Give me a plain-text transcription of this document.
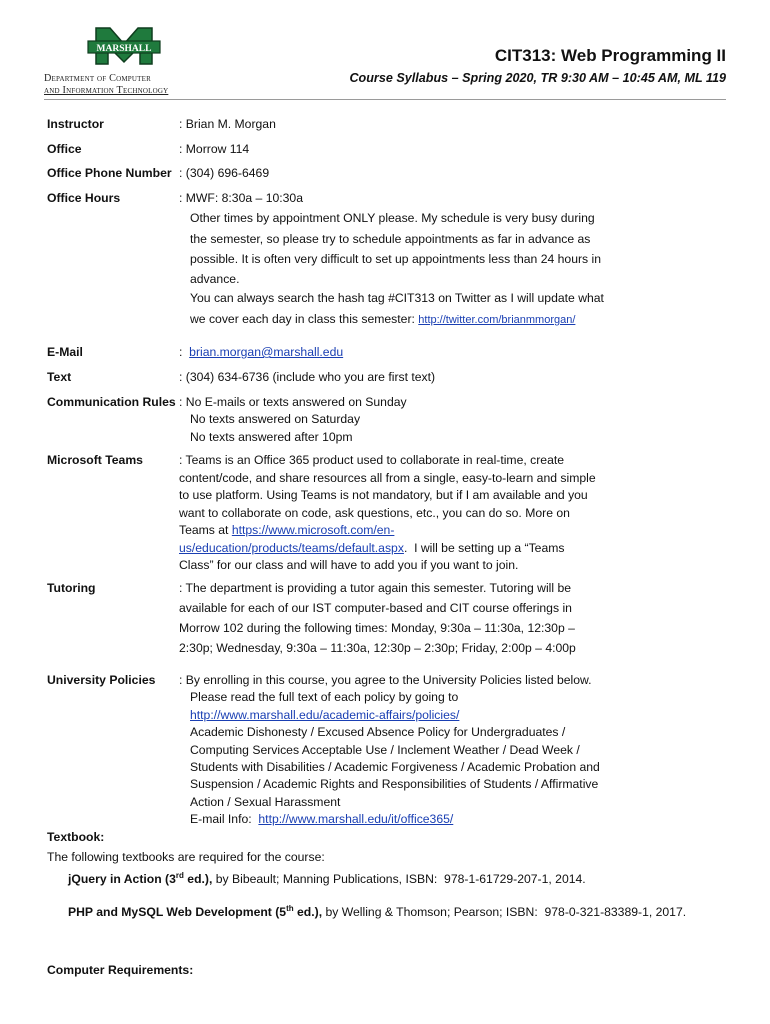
MARSHALL
Department of Computer
and Information Technology
CIT313: Web Programming II
Course Syllabus – Spring 2020, TR 9:30 AM – 10:45 AM, ML 119
Instructor	: Brian M. Morgan
Office	: Morrow 114
Office Phone Number : (304) 696-6469
Office Hours	: MWF: 8:30a – 10:30a
Other times by appointment ONLY please. My schedule is very busy during
the semester, so please try to schedule appointments as far in advance as
possible. It is often very difficult to set up appointments less than 24 hours in
advance.
You can always search the hash tag #CIT313 on Twitter as I will update what
we cover each day in class this semester: http://twitter.com/brianmmorgan/
E-Mail	:  brian.morgan@marshall.edu
Text	: (304) 634-6736 (include who you are first text)
Communication Rules : No E-mails or texts answered on Sunday
No texts answered on Saturday
No texts answered after 10pm
Microsoft Teams	: Teams is an Office 365 product used to collaborate in real-time, create
content/code, and share resources all from a single, easy-to-learn and simple
to use platform. Using Teams is not mandatory, but if I am available and you
want to collaborate on code, ask questions, etc., you can do so. More on
Teams at https://www.microsoft.com/en-
us/education/products/teams/default.aspx.  I will be setting up a “Teams
Class” for our class and will have to add you if you want to join.
Tutoring	: The department is providing a tutor again this semester. Tutoring will be
available for each of our IST computer-based and CIT course offerings in
Morrow 102 during the following times: Monday, 9:30a – 11:30a, 12:30p –
2:30p; Wednesday, 9:30a – 11:30a, 12:30p – 2:30p; Friday, 2:00p – 4:00p
University Policies : By enrolling in this course, you agree to the University Policies listed below.
Please read the full text of each policy by going to
http://www.marshall.edu/academic-affairs/policies/
Academic Dishonesty / Excused Absence Policy for Undergraduates /
Computing Services Acceptable Use / Inclement Weather / Dead Week /
Students with Disabilities / Academic Forgiveness / Academic Probation and
Suspension / Academic Rights and Responsibilities of Students / Affirmative
Action / Sexual Harassment
E-mail Info:  http://www.marshall.edu/it/office365/
Textbook:
The following textbooks are required for the course:
jQuery in Action (3rd ed.), by Bibeault; Manning Publications, ISBN:  978-1-61729-207-1, 2014.
PHP and MySQL Web Development (5th ed.), by Welling & Thomson; Pearson; ISBN:  978-0-321-83389-1, 2017.
Computer Requirements:
